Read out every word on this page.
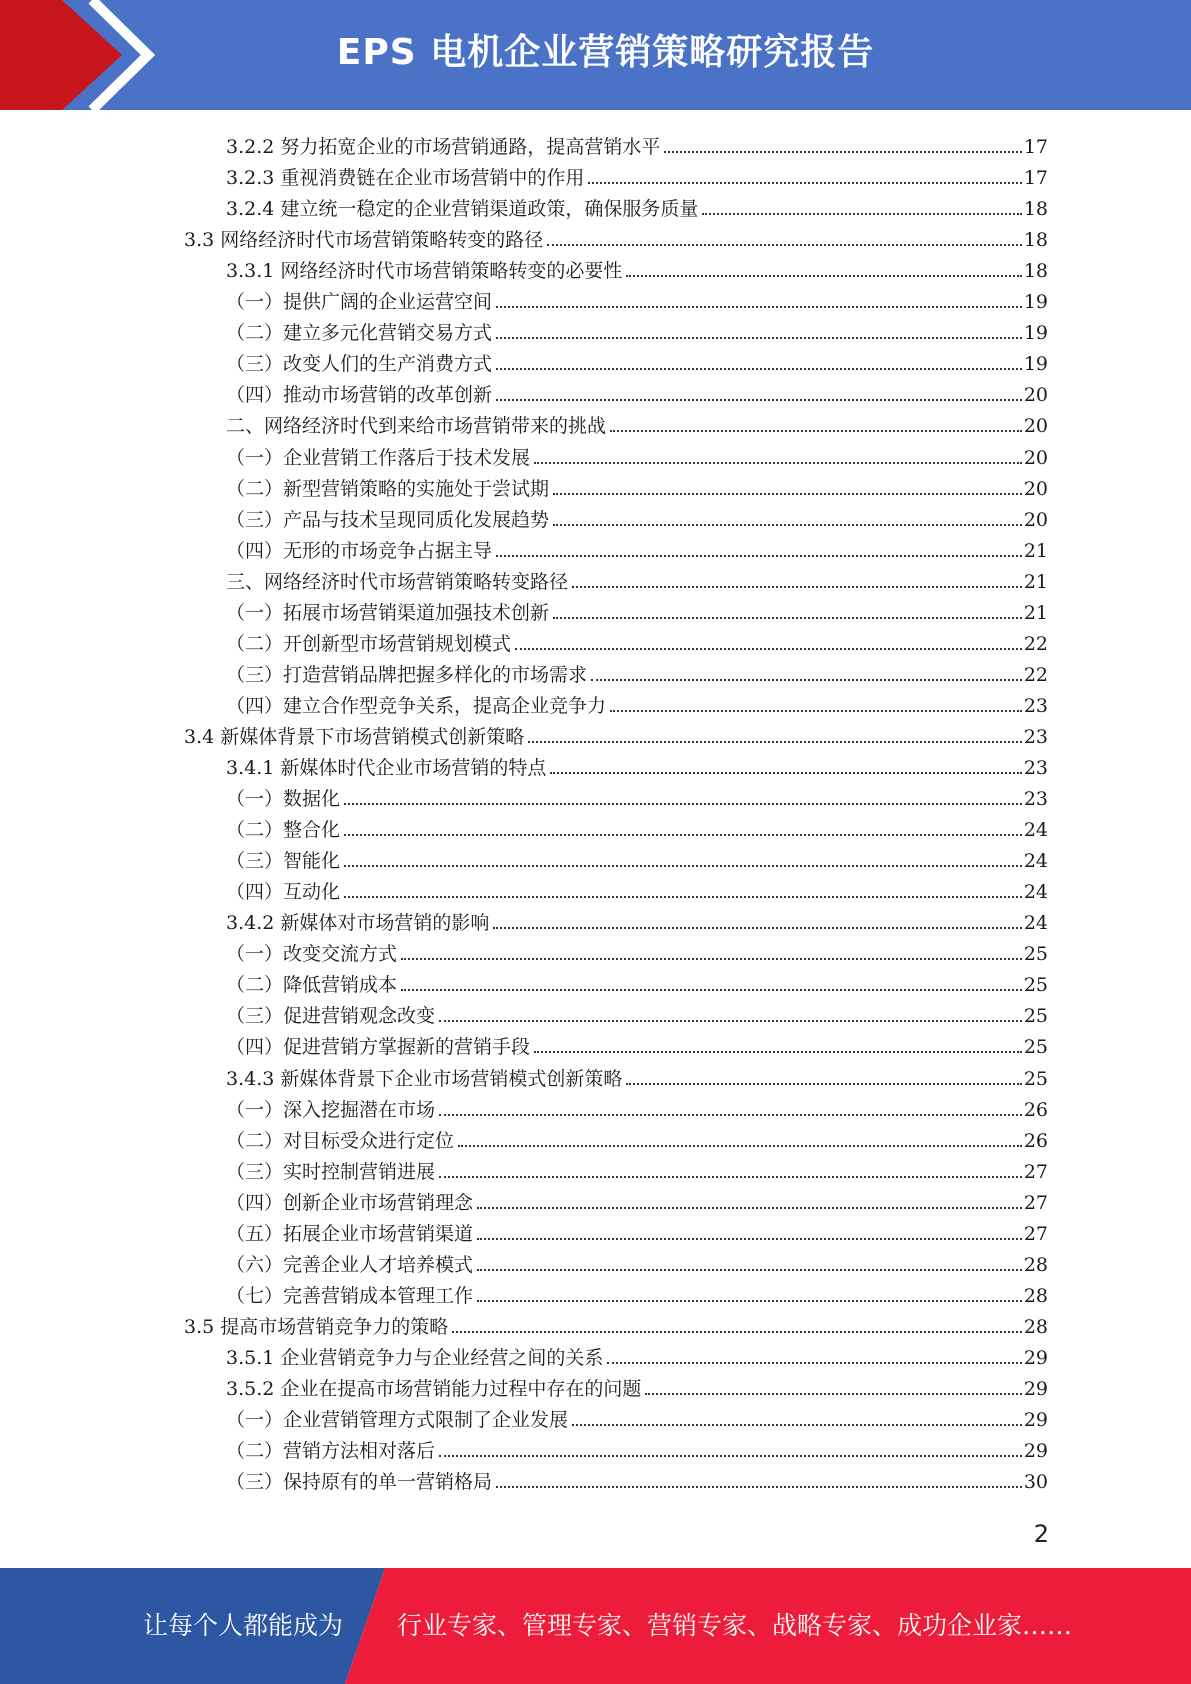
EPS 电机企业营销策略研究报告
3.2.2 努力拓宽企业的市场营销通路，提高营销水平	17
3.2.3 重视消费链在企业市场营销中的作用	17
3.2.4 建立统一稳定的企业营销渠道政策，确保服务质量	18
3.3 网络经济时代市场营销策略转变的路径	18
3.3.1 网络经济时代市场营销策略转变的必要性	18
（一）提供广阔的企业运营空间	19
（二）建立多元化营销交易方式	19
（三）改变人们的生产消费方式	19
（四）推动市场营销的改革创新	20
二、网络经济时代到来给市场营销带来的挑战	20
（一）企业营销工作落后于技术发展	20
（二）新型营销策略的实施处于尝试期	20
（三）产品与技术呈现同质化发展趋势	20
（四）无形的市场竞争占据主导	21
三、网络经济时代市场营销策略转变路径	21
（一）拓展市场营销渠道加强技术创新	21
（二）开创新型市场营销规划模式	22
（三）打造营销品牌把握多样化的市场需求	22
（四）建立合作型竞争关系，提高企业竞争力	23
3.4 新媒体背景下市场营销模式创新策略	23
3.4.1 新媒体时代企业市场营销的特点	23
（一）数据化	23
（二）整合化	24
（三）智能化	24
（四）互动化	24
3.4.2 新媒体对市场营销的影响	24
（一）改变交流方式	25
（二）降低营销成本	25
（三）促进营销观念改变	25
（四）促进营销方掌握新的营销手段	25
3.4.3 新媒体背景下企业市场营销模式创新策略	25
（一）深入挖掘潜在市场	26
（二）对目标受众进行定位	26
（三）实时控制营销进展	27
（四）创新企业市场营销理念	27
（五）拓展企业市场营销渠道	27
（六）完善企业人才培养模式	28
（七）完善营销成本管理工作	28
3.5 提高市场营销竞争力的策略	28
3.5.1 企业营销竞争力与企业经营之间的关系	29
3.5.2 企业在提高市场营销能力过程中存在的问题	29
（一）企业营销管理方式限制了企业发展	29
（二）营销方法相对落后	29
（三）保持原有的单一营销格局	30
2
让每个人都能成为 行业专家、管理专家、营销专家、战略专家、成功企业家……
